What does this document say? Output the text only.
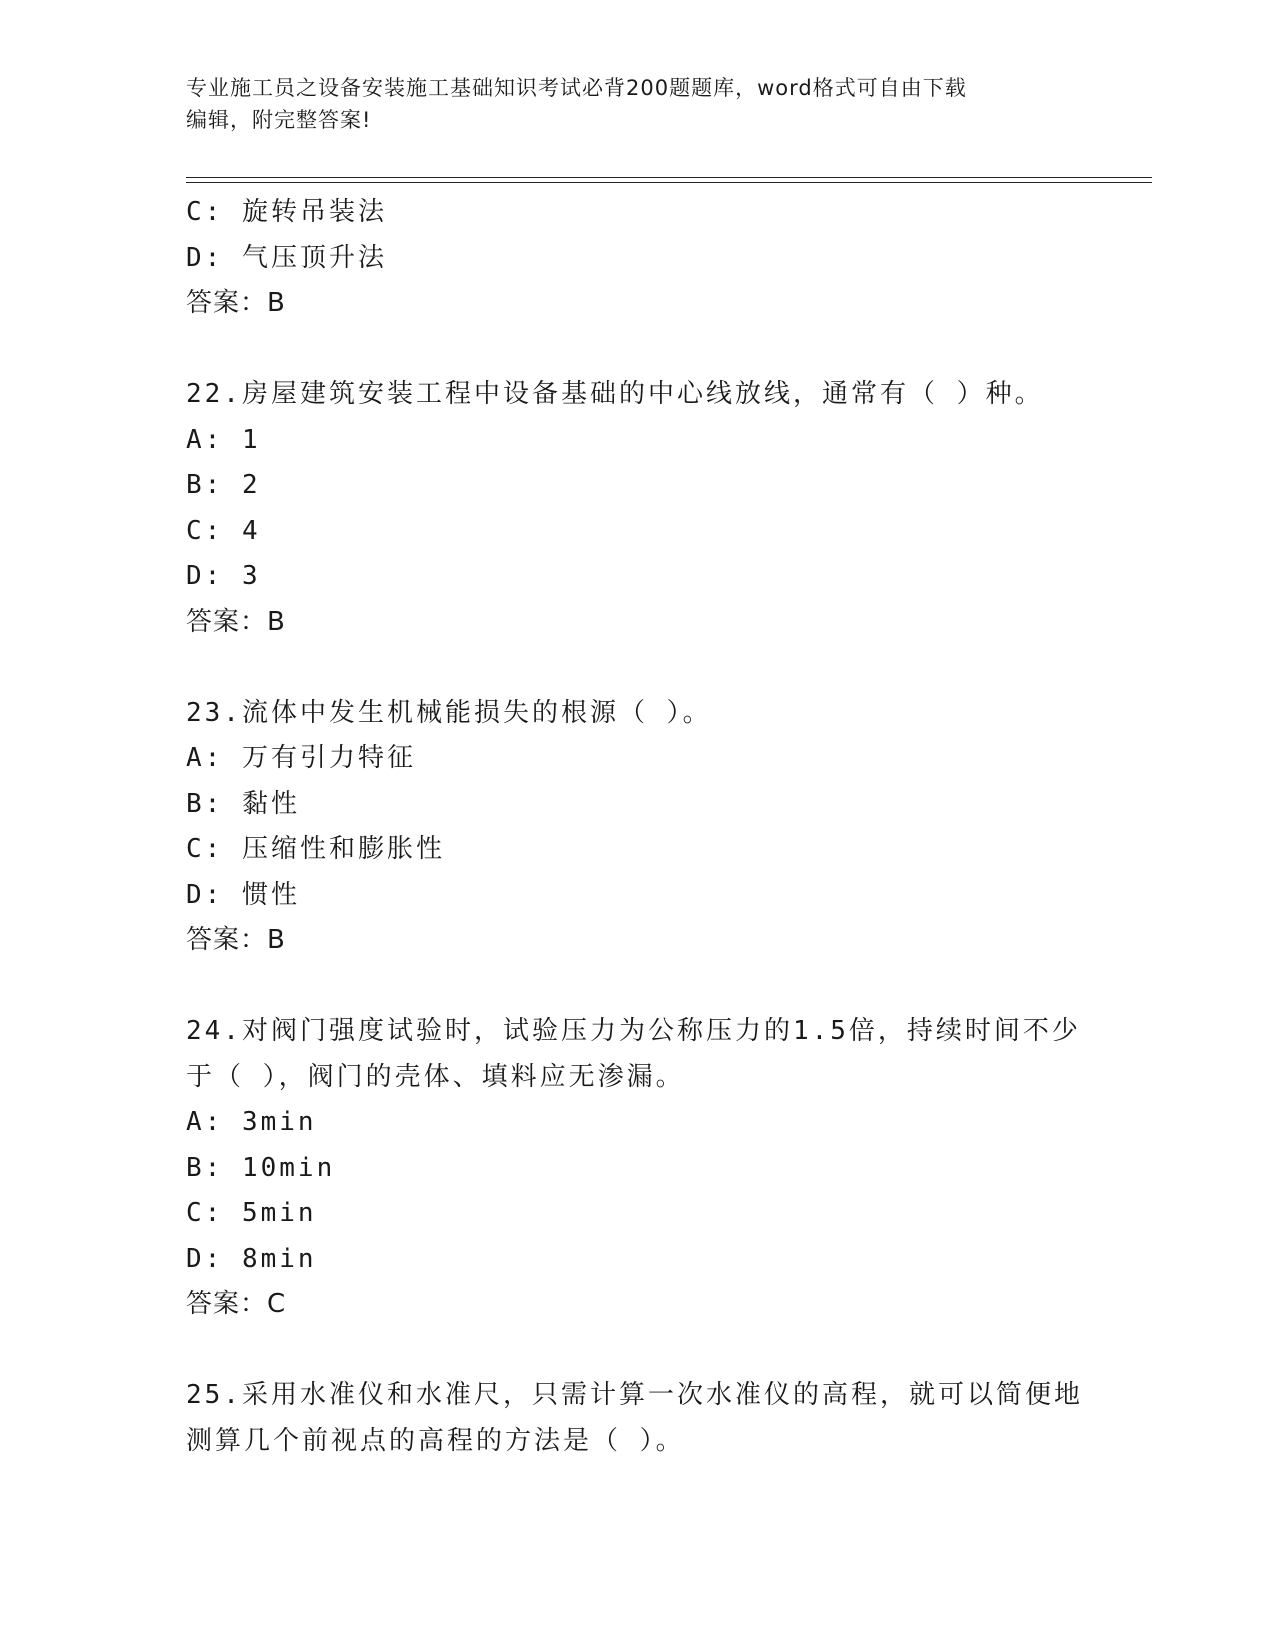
专业施工员之设备安装施工基础知识考试必背200题题库，word格式可自由下载
编辑，附完整答案!
C: 旋转吊装法
D: 气压顶升法
答案：B
22.房屋建筑安装工程中设备基础的中心线放线，通常有（ ）种。
A: 1
B: 2
C: 4
D: 3
答案：B
23.流体中发生机械能损失的根源（ ）。
A: 万有引力特征
B: 黏性
C: 压缩性和膨胀性
D: 惯性
答案：B
24.对阀门强度试验时，试验压力为公称压力的1.5倍，持续时间不少
于（ ），阀门的壳体、填料应无渗漏。
A: 3min
B: 10min
C: 5min
D: 8min
答案：C
25.采用水准仪和水准尺，只需计算一次水准仪的高程，就可以简便地
测算几个前视点的高程的方法是（ ）。
